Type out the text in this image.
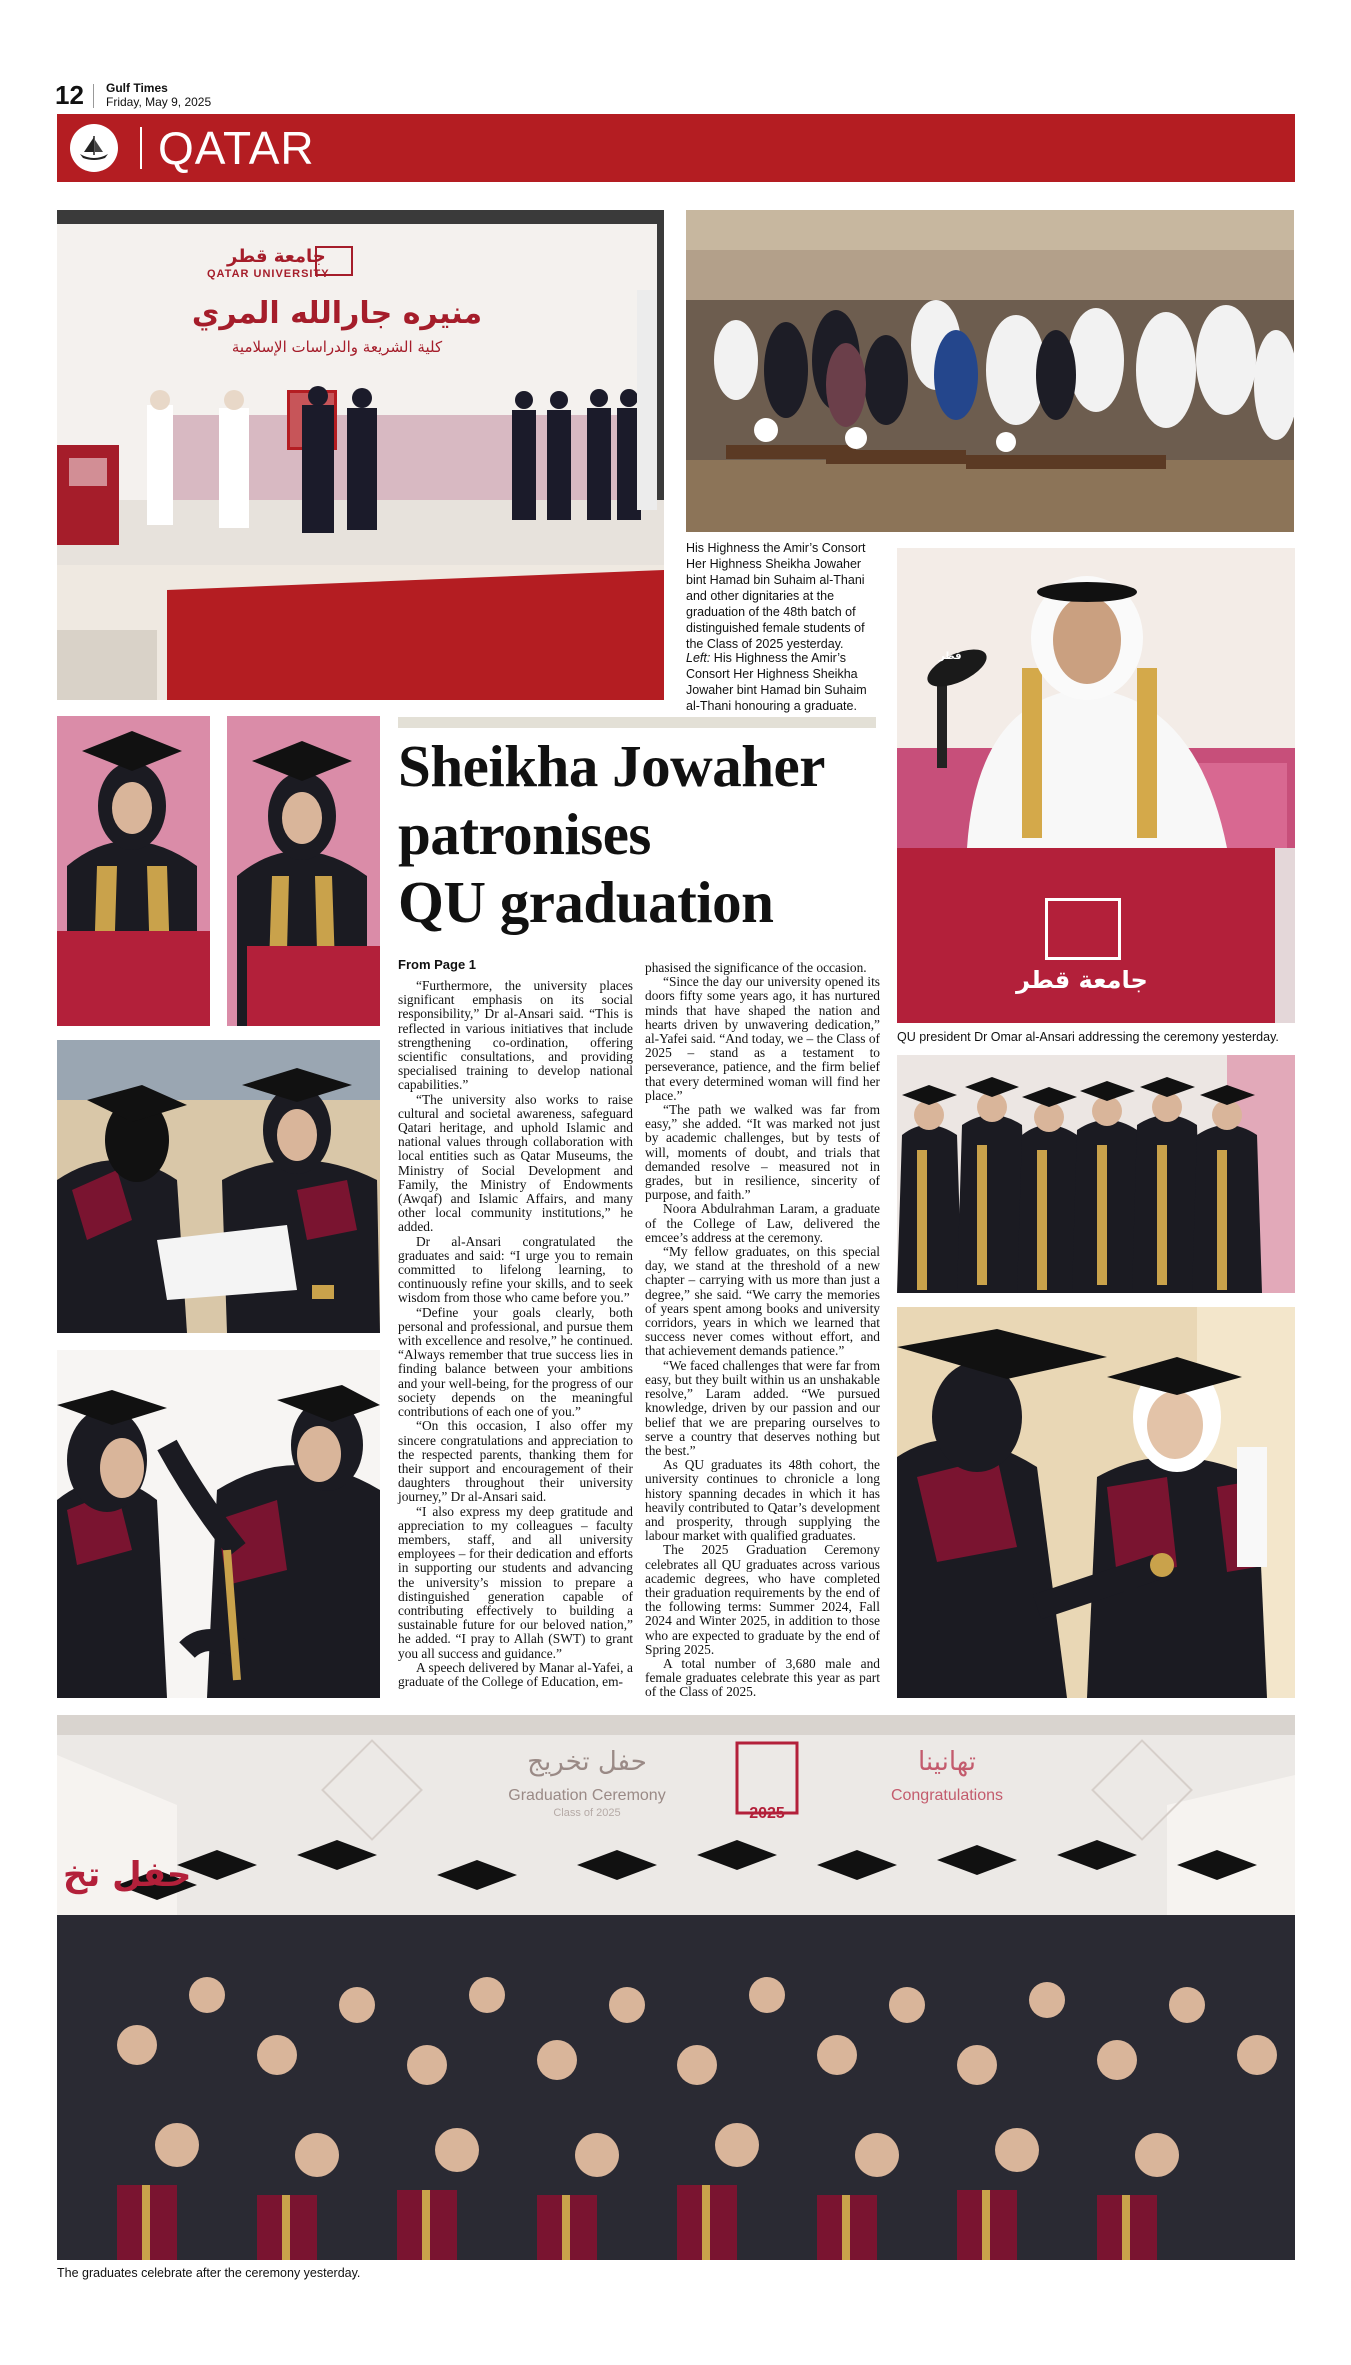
12 Gulf Times
Friday, May 9, 2025
QATAR
جامعة قطر
QATAR UNIVERSITY
منيره جارالله المري
كلية الشريعة والدراسات الإسلامية
His Highness the Amir’s Consort Her Highness Sheikha Jowaher bint Hamad bin Suhaim al-Thani and other dignitaries at the graduation of the 48th batch of distinguished female students of the Class of 2025 yesterday.
Left: His Highness the Amir’s Consort Her Highness Sheikha Jowaher bint Hamad bin Suhaim al-Thani honouring a graduate.
قطر
جامعة قطر
QU president Dr Omar al-Ansari addressing the ceremony yesterday.
Sheikha Jowaher
patronises
QU graduation
From Page 1

“Furthermore, the university places significant emphasis on its social responsibility,” Dr al-Ansari said. “This is reflected in various initiatives that include strengthening co-ordination, offering scientific consultations, and providing specialised training to develop national capabilities.”

“The university also works to raise cultural and societal awareness, safeguard Qatari heritage, and uphold Islamic and national values through collaboration with local entities such as Qatar Museums, the Ministry of Social Development and Family, the Ministry of Endowments (Awqaf) and Islamic Affairs, and many other local community institutions,” he added.

Dr al-Ansari congratulated the graduates and said: “I urge you to remain committed to lifelong learning, to continuously refine your skills, and to seek wisdom from those who came before you.”

“Define your goals clearly, both personal and professional, and pursue them with excellence and resolve,” he continued. “Always remember that true success lies in finding balance between your ambitions and your well-being, for the progress of our society depends on the meaningful contributions of each one of you.”

“On this occasion, I also offer my sincere congratulations and appreciation to the respected parents, thanking them for their support and encouragement of their daughters throughout their university journey,” Dr al-Ansari said.

“I also express my deep gratitude and appreciation to my colleagues – faculty members, staff, and all university employees – for their dedication and efforts in supporting our students and advancing the university’s mission to prepare a distinguished generation capable of contributing effectively to building a sustainable future for our beloved nation,” he added. “I pray to Allah (SWT) to grant you all success and guidance.”

A speech delivered by Manar al-Yafei, a graduate of the College of Education, em-

phasised the significance of the occasion.

“Since the day our university opened its doors fifty some years ago, it has nurtured minds that have shaped the nation and hearts driven by unwavering dedication,” al-Yafei said. “And today, we – the Class of 2025 – stand as a testament to perseverance, patience, and the firm belief that every determined woman will find her place.”

“The path we walked was far from easy,” she added. “It was marked not just by academic challenges, but by tests of will, moments of doubt, and trials that demanded resolve – measured not in grades, but in resilience, sincerity of purpose, and faith.”

Noora Abdulrahman Laram, a graduate of the College of Law, delivered the emcee’s address at the ceremony.

“My fellow graduates, on this special day, we stand at the threshold of a new chapter – carrying with us more than just a degree,” she said. “We carry the memories of years spent among books and university corridors, years in which we learned that success never comes without effort, and that achievement demands patience.”

“We faced challenges that were far from easy, but they built within us an unshakable resolve,” Laram added. “We pursued knowledge, driven by our passion and our belief that we are preparing ourselves to serve a country that deserves nothing but the best.”

As QU graduates its 48th cohort, the university continues to chronicle a long history spanning decades in which it has heavily contributed to Qatar’s development and prosperity, through supplying the labour market with qualified graduates.

The 2025 Graduation Ceremony celebrates all QU graduates across various academic degrees, who have completed their graduation requirements by the end of the following terms: Summer 2024, Fall 2024 and Winter 2025, in addition to those who are expected to graduate by the end of Spring 2025.

A total number of 3,680 male and female graduates celebrate this year as part of the Class of 2025.

حفل تخ
حفل تخريج
Graduation Ceremony
Class of 2025	2025
تهانينا
Congratulations
The graduates celebrate after the ceremony yesterday.
